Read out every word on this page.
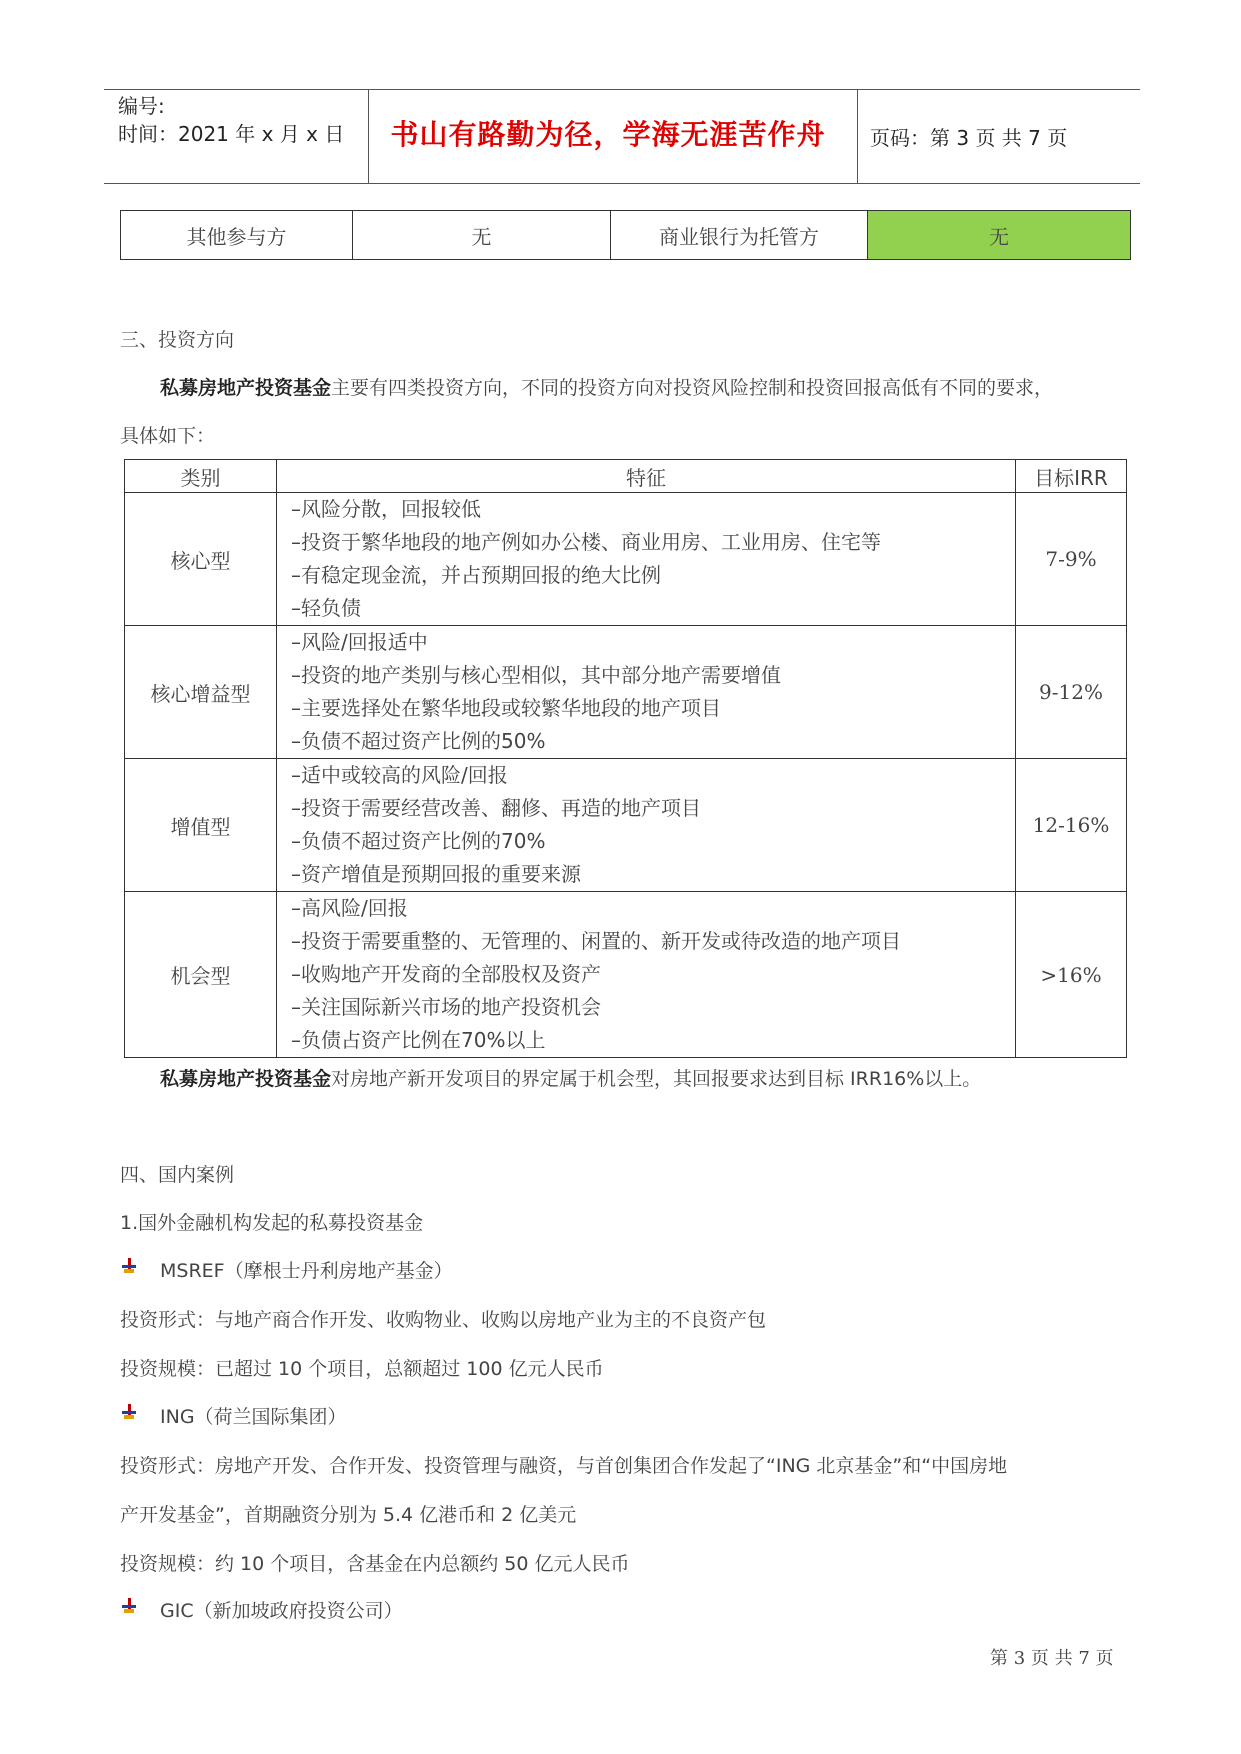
编号:
时间：2021 年 x 月 x 日	书山有路勤为径，学海无涯苦作舟	页码：第 3 页 共 7 页
其他参与方	无	商业银行为托管方	无
三、投资方向
私募房地产投资基金主要有四类投资方向，不同的投资方向对投资风险控制和投资回报高低有不同的要求，
具体如下：
类别	特征	目标IRR
核心型	–风险分散，回报较低
–投资于繁华地段的地产例如办公楼、商业用房、工业用房、住宅等
–有稳定现金流，并占预期回报的绝大比例
–轻负债	7-9%
核心增益型	–风险/回报适中
–投资的地产类别与核心型相似，其中部分地产需要增值
–主要选择处在繁华地段或较繁华地段的地产项目
–负债不超过资产比例的50%	9-12%
增值型	–适中或较高的风险/回报
–投资于需要经营改善、翻修、再造的地产项目
–负债不超过资产比例的70%
–资产增值是预期回报的重要来源	12-16%
机会型	–高风险/回报
–投资于需要重整的、无管理的、闲置的、新开发或待改造的地产项目
–收购地产开发商的全部股权及资产
–关注国际新兴市场的地产投资机会
–负债占资产比例在70%以上	>16%
私募房地产投资基金对房地产新开发项目的界定属于机会型，其回报要求达到目标 IRR16%以上。
四、国内案例
1.国外金融机构发起的私募投资基金
MSREF（摩根士丹利房地产基金）
投资形式：与地产商合作开发、收购物业、收购以房地产业为主的不良资产包
投资规模：已超过 10 个项目，总额超过 100 亿元人民币
ING（荷兰国际集团）
投资形式：房地产开发、合作开发、投资管理与融资，与首创集团合作发起了“ING 北京基金”和“中国房地
产开发基金”，首期融资分别为 5.4 亿港币和 2 亿美元
投资规模：约 10 个项目，含基金在内总额约 50 亿元人民币
GIC（新加坡政府投资公司）
第 3 页 共 7 页
